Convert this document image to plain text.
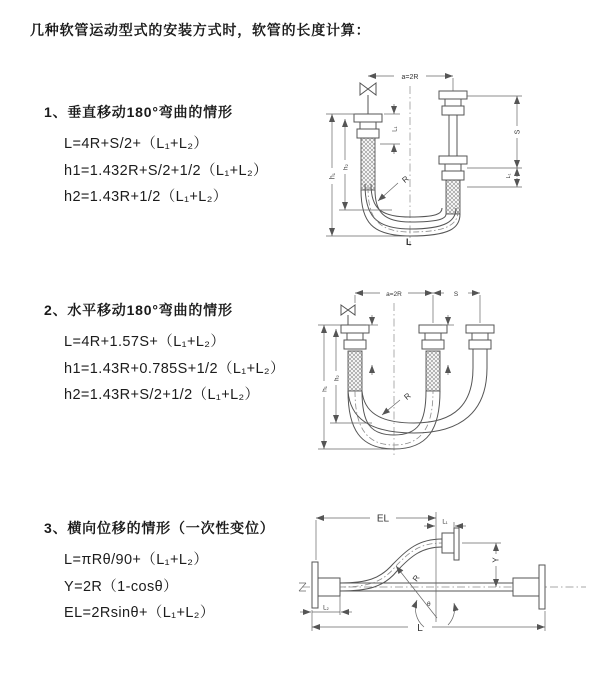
几种软管运动型式的安装方式时，软管的长度计算：
1、垂直移动180°弯曲的情形
L=4R+S/2+（L₁+L₂）
h1=1.432R+S/2+1/2（L₁+L₂）
h2=1.43R+1/2（L₁+L₂）
2、水平移动180°弯曲的情形
L=4R+1.57S+（L₁+L₂）
h1=1.43R+0.785S+1/2（L₁+L₂）
h2=1.43R+S/2+1/2（L₁+L₂）
3、横向位移的情形（一次性变位）
L=πRθ/90+（L₁+L₂）
Y=2R（1-cosθ）
EL=2Rsinθ+（L₁+L₂）
a=2R
h₁
h₂
L₁
S
L₁
R
L
a=2R	S
h₁
h₂
R
EL	L₁
Y
R
θ
L
L₂
